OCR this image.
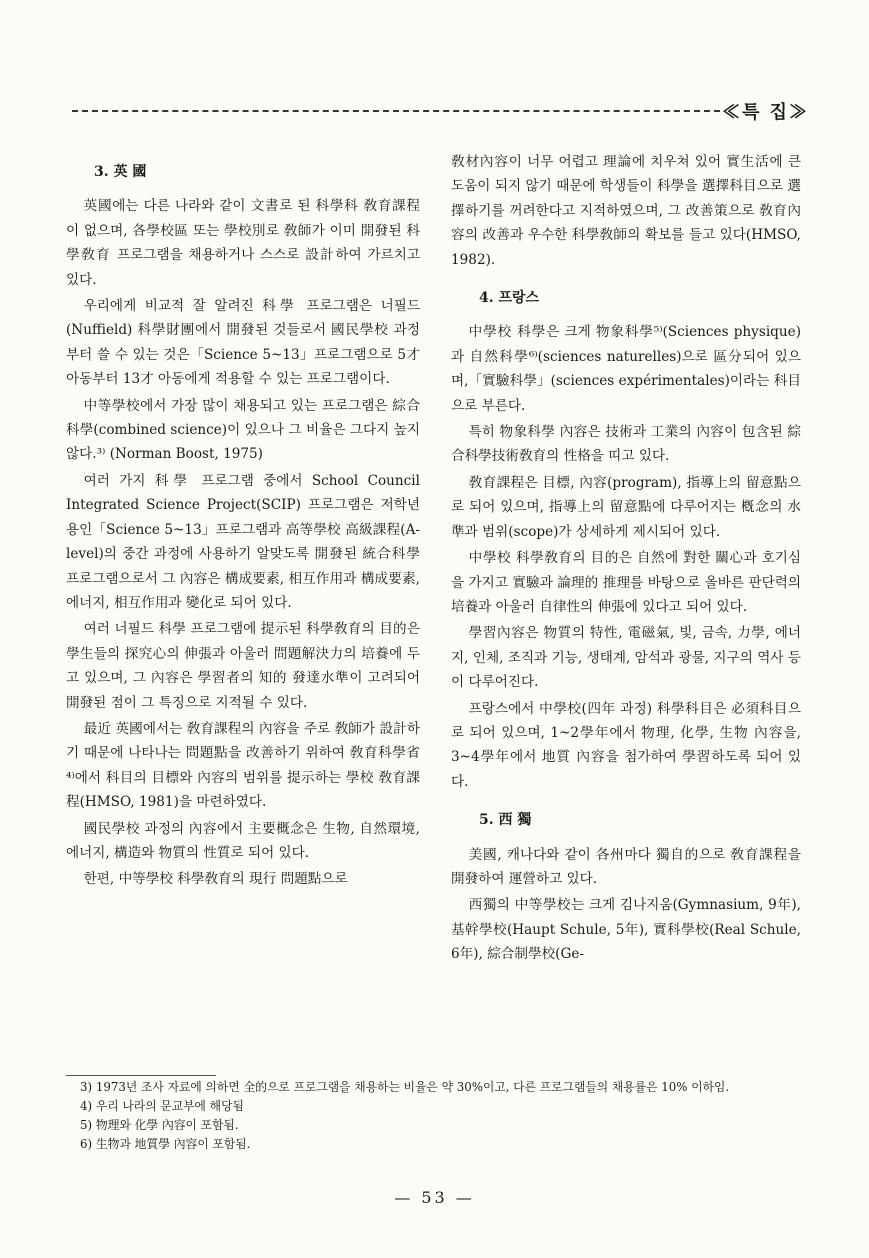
≪특 집≫
3. 英 國

英國에는 다른 나라와 같이 文書로 된 科學科 敎育課程이 없으며, 各學校區 또는 學校別로 敎師가 이미 開發된 科學敎育 프로그램을 채용하거나 스스로 設計하여 가르치고 있다.

우리에게 비교적 잘 알려진 科學 프로그램은 너필드(Nuffield) 科學財團에서 開發된 것들로서 國民學校 과정부터 쓸 수 있는 것은「Science 5~13」프로그램으로 5才 아동부터 13才 아동에게 적용할 수 있는 프로그램이다.

中等學校에서 가장 많이 채용되고 있는 프로그램은 綜合科學(combined science)이 있으나 그 비율은 그다지 높지 않다.³⁾ (Norman Boost, 1975)

여러 가지 科學 프로그램 중에서 School Council Integrated Science Project(SCIP) 프로그램은 저학년용인「Science 5~13」프로그램과 高等學校 高級課程(A-level)의 중간 과정에 사용하기 알맞도록 開發된 統合科學 프로그램으로서 그 內容은 構成要素, 相互作用과 構成要素, 에너지, 相互作用과 變化로 되어 있다.

여러 너필드 科學 프로그램에 提示된 科學敎育의 目的은 學生들의 探究心의 伸張과 아울러 問題解決力의 培養에 두고 있으며, 그 內容은 學習者의 知的 發達水準이 고려되어 開發된 점이 그 특징으로 지적될 수 있다.

最近 英國에서는 敎育課程의 內容을 주로 敎師가 設計하기 때문에 나타나는 問題點을 改善하기 위하여 敎育科學省⁴⁾에서 科目의 目標와 內容의 범위를 提示하는 學校 敎育課程(HMSO, 1981)을 마련하였다.

國民學校 과정의 內容에서 主要概念은 生物, 自然環境, 에너지, 構造와 物質의 性質로 되어 있다.

한편, 中等學校 科學敎育의 現行 問題點으로

敎材內容이 너무 어렵고 理論에 치우쳐 있어 實生活에 큰 도움이 되지 않기 때문에 학생들이 科學을 選擇科目으로 選擇하기를 꺼려한다고 지적하였으며, 그 改善策으로 敎育內容의 改善과 우수한 科學敎師의 확보를 들고 있다(HMSO, 1982).

4. 프랑스

中學校 科學은 크게 物象科學⁵⁾(Sciences physique)과 自然科學⁶⁾(sciences naturelles)으로 區分되어 있으며,「實驗科學」(sciences expérimentales)이라는 科目으로 부른다.

특히 物象科學 內容은 技術과 工業의 內容이 包含된 綜合科學技術敎育의 性格을 띠고 있다.

敎育課程은 目標, 內容(program), 指導上의 留意點으로 되어 있으며, 指導上의 留意點에 다루어지는 槪念의 水準과 범위(scope)가 상세하게 제시되어 있다.

中學校 科學敎育의 目的은 自然에 對한 關心과 호기심을 가지고 實驗과 論理的 推理를 바탕으로 올바른 판단력의 培養과 아울러 自律性의 伸張에 있다고 되어 있다.

學習內容은 物質의 特性, 電磁氣, 빛, 금속, 力學, 에너지, 인체, 조직과 기능, 생태계, 암석과 광물, 지구의 역사 등이 다루어진다.

프랑스에서 中學校(四年 과정) 科學科目은 必須科目으로 되어 있으며, 1~2學年에서 物理, 化學, 生物 內容을, 3~4學年에서 地質 內容을 첨가하여 學習하도록 되어 있다.

5. 西 獨

美國, 캐나다와 같이 各州마다 獨自的으로 敎育課程을 開發하여 運營하고 있다.

西獨의 中等學校는 크게 김나지움(Gymnasium, 9年), 基幹學校(Haupt Schule, 5年), 實科學校(Real Schule, 6年), 綜合制學校(Ge-

3) 1973년 조사 자료에 의하면 全的으로 프로그램을 채용하는 비율은 약 30%이고, 다른 프로그램들의 채용률은 10% 이하임.

4) 우리 나라의 문교부에 해당됨

5) 物理와 化學 內容이 포함됨.

6) 生物과 地質學 內容이 포함됨.

— 53 —
